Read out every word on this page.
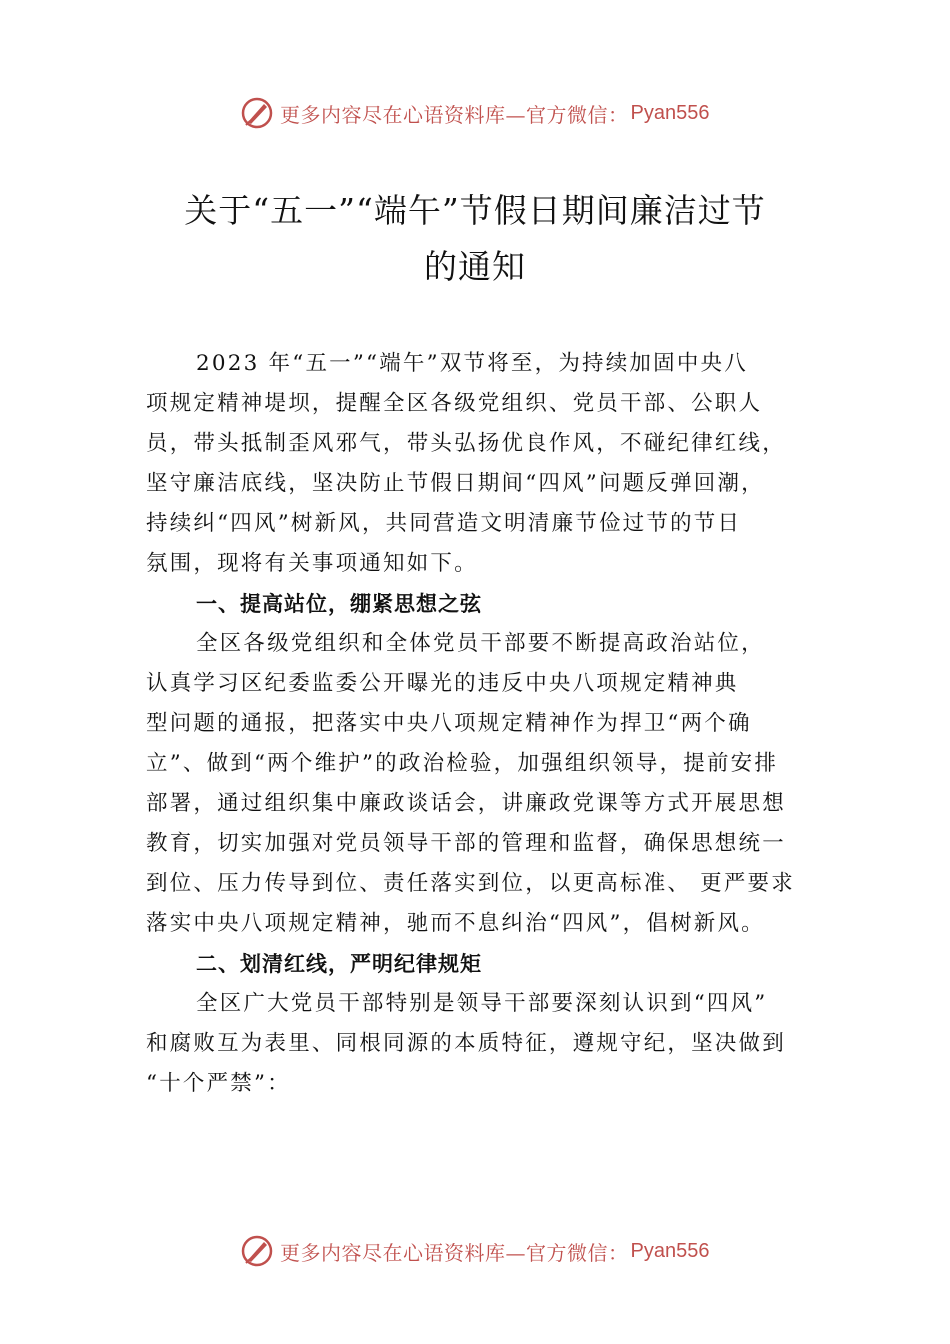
更多内容尽在心语资料库—官方微信： Pyan556
关于“五一”“端午”节假日期间廉洁过节
的通知
2023 年“五一”“端午”双节将至，为持续加固中央八
项规定精神堤坝，提醒全区各级党组织、党员干部、公职人
员，带头抵制歪风邪气，带头弘扬优良作风，不碰纪律红线，
坚守廉洁底线，坚决防止节假日期间“四风”问题反弹回潮，
持续纠“四风”树新风，共同营造文明清廉节俭过节的节日
氛围，现将有关事项通知如下。
一、提高站位，绷紧思想之弦
全区各级党组织和全体党员干部要不断提高政治站位，
认真学习区纪委监委公开曝光的违反中央八项规定精神典
型问题的通报，把落实中央八项规定精神作为捍卫“两个确
立”、做到“两个维护”的政治检验，加强组织领导，提前安排
部署，通过组织集中廉政谈话会，讲廉政党课等方式开展思想
教育，切实加强对党员领导干部的管理和监督，确保思想统一
到位、压力传导到位、责任落实到位，以更高标准、 更严要求
落实中央八项规定精神，驰而不息纠治“四风”，倡树新风。
二、划清红线，严明纪律规矩
全区广大党员干部特别是领导干部要深刻认识到“四风”
和腐败互为表里、同根同源的本质特征，遵规守纪，坚决做到
“十个严禁”：
更多内容尽在心语资料库—官方微信： Pyan556
